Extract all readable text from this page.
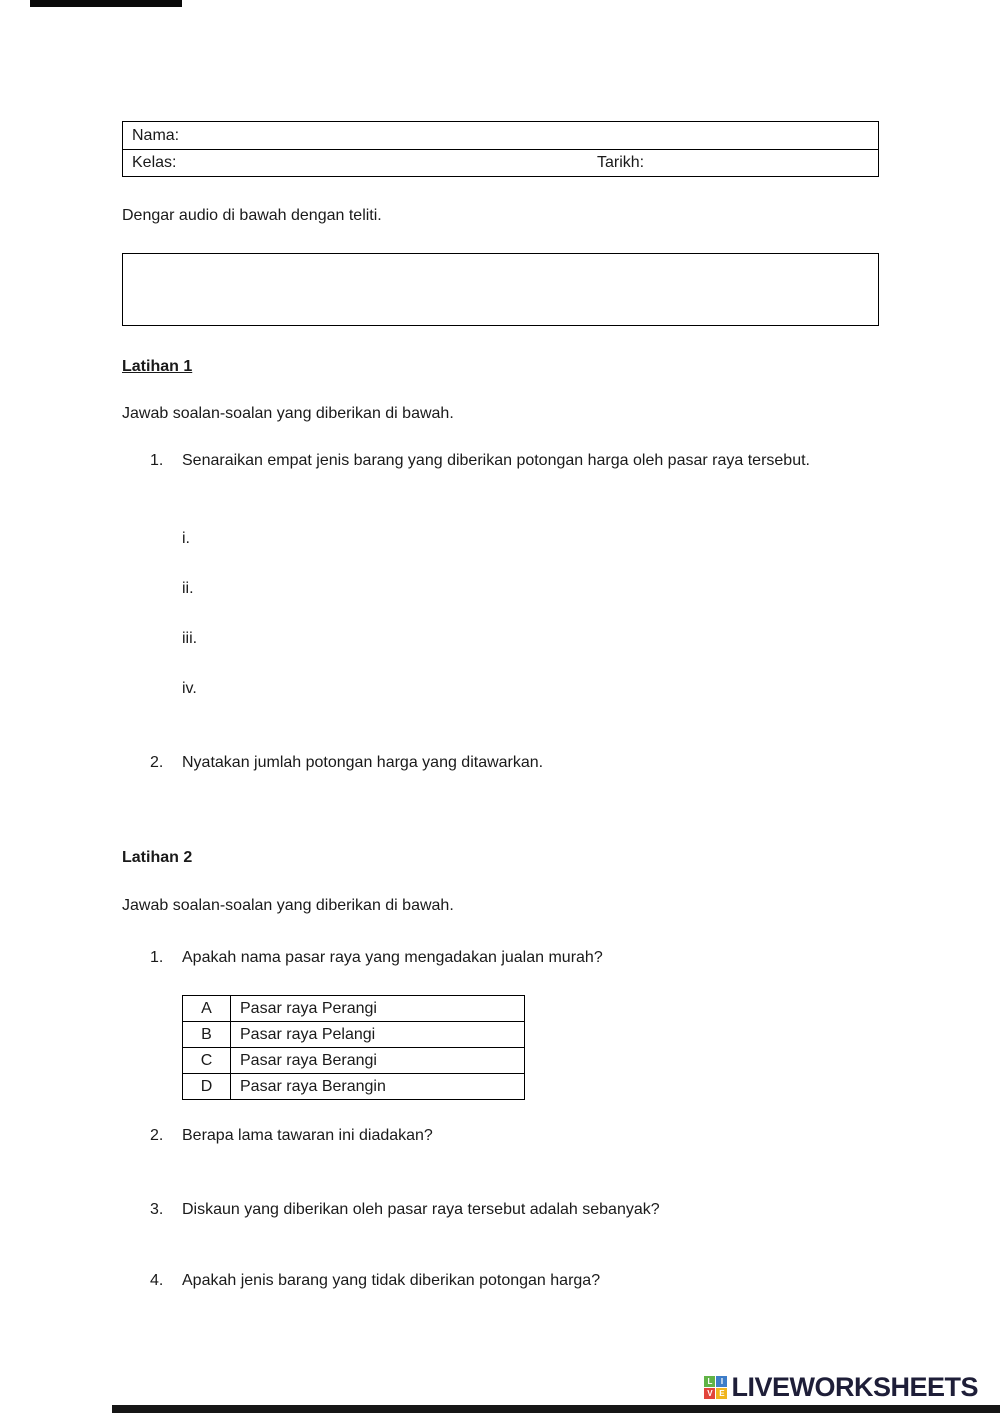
Nama:
Kelas:	Tarikh:
Dengar audio di bawah dengan teliti.
Latihan 1
Jawab soalan-soalan yang diberikan di bawah.
1.	Senaraikan empat jenis barang yang diberikan potongan harga oleh pasar raya tersebut.
i.
ii.
iii.
iv.
2.	Nyatakan jumlah potongan harga yang ditawarkan.
Latihan 2
Jawab soalan-soalan yang diberikan di bawah.
1.	Apakah nama pasar raya yang mengadakan jualan murah?
A	Pasar raya Perangi
B	Pasar raya Pelangi
C	Pasar raya Berangi
D	Pasar raya Berangin
2.	Berapa lama tawaran ini diadakan?
3.	Diskaun yang diberikan oleh pasar raya tersebut adalah sebanyak?
4.	Apakah jenis barang yang tidak diberikan potongan harga?
L	I
V E LIVEWORKSHEETS
